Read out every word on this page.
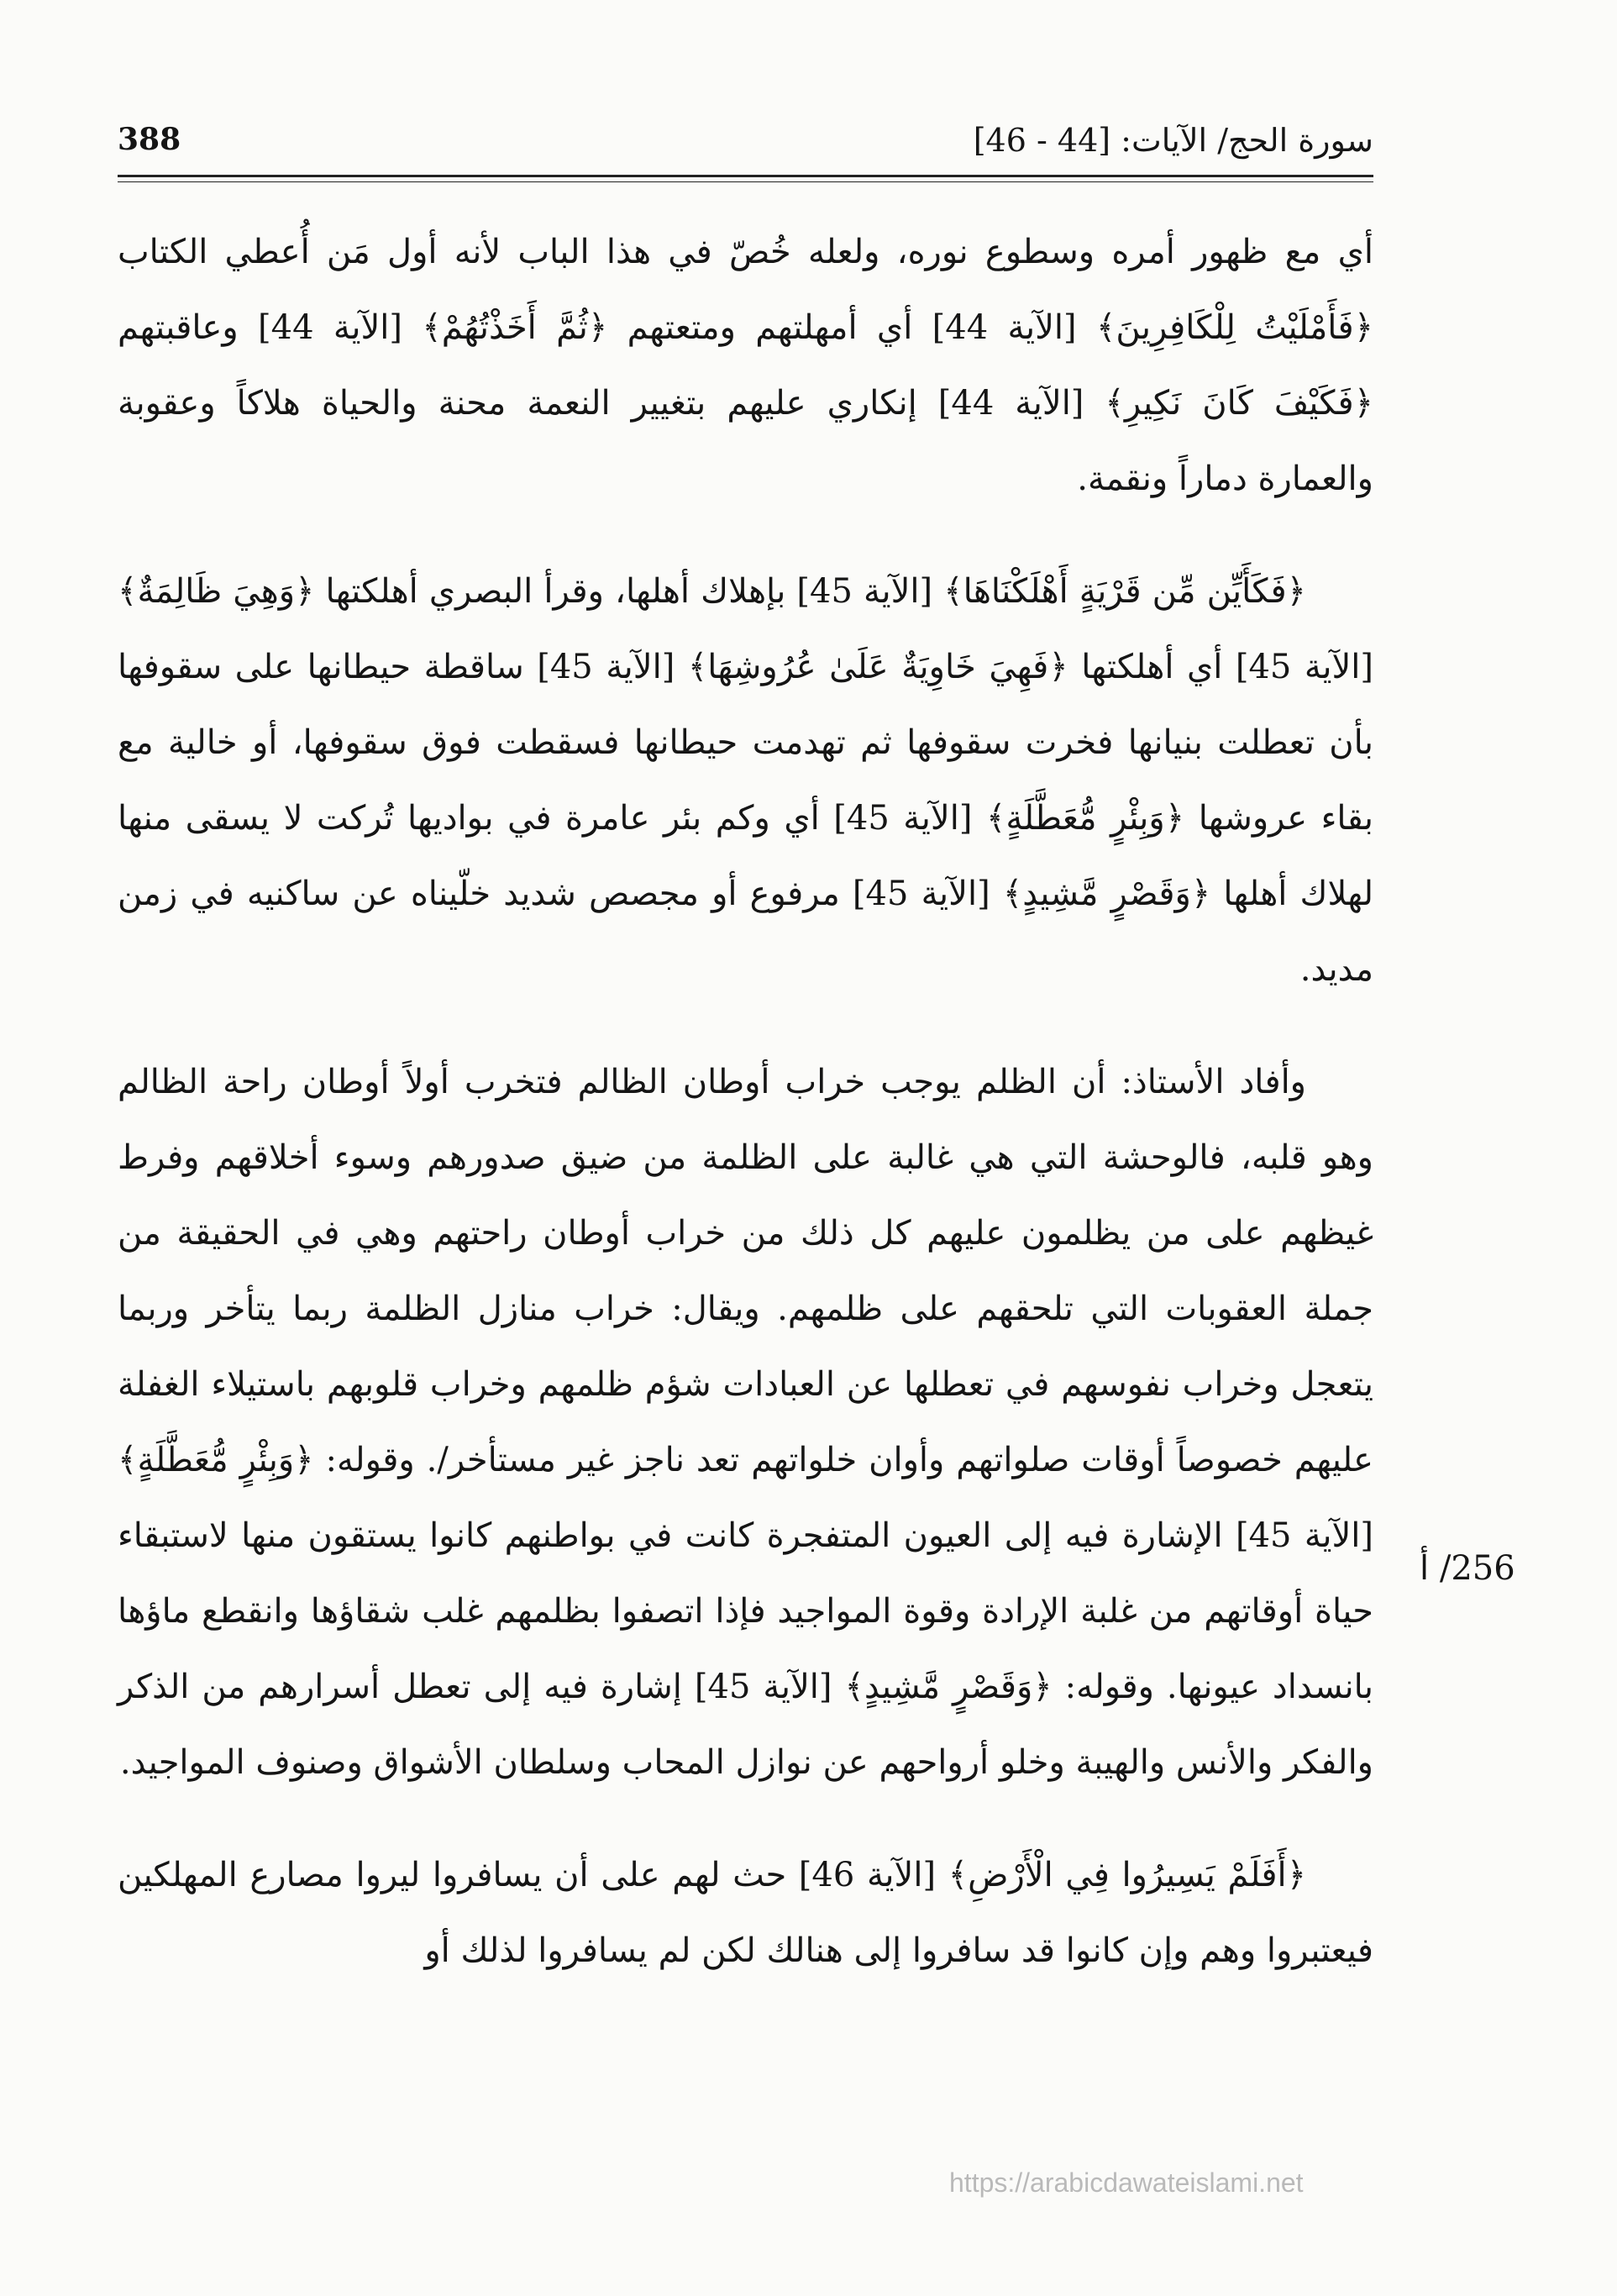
سورة الحج/ الآيات: [44 - 46]
388

أي مع ظهور أمره وسطوع نوره، ولعله خُصّ في هذا الباب لأنه أول مَن أُعطي الكتاب ﴿فَأَمْلَيْتُ لِلْكَافِرِينَ﴾ [الآية 44] أي أمهلتهم ومتعتهم ﴿ثُمَّ أَخَذْتُهُمْ﴾ [الآية 44] وعاقبتهم ﴿فَكَيْفَ كَانَ نَكِيرِ﴾ [الآية 44] إنكاري عليهم بتغيير النعمة محنة والحياة هلاكاً وعقوبة والعمارة دماراً ونقمة.

﴿فَكَأَيِّن مِّن قَرْيَةٍ أَهْلَكْنَاهَا﴾ [الآية 45] بإهلاك أهلها، وقرأ البصري أهلكتها ﴿وَهِيَ ظَالِمَةٌ﴾ [الآية 45] أي أهلكتها ﴿فَهِيَ خَاوِيَةٌ عَلَىٰ عُرُوشِهَا﴾ [الآية 45] ساقطة حيطانها على سقوفها بأن تعطلت بنيانها فخرت سقوفها ثم تهدمت حيطانها فسقطت فوق سقوفها، أو خالية مع بقاء عروشها ﴿وَبِئْرٍ مُّعَطَّلَةٍ﴾ [الآية 45] أي وكم بئر عامرة في بواديها تُركت لا يسقى منها لهلاك أهلها ﴿وَقَصْرٍ مَّشِيدٍ﴾ [الآية 45] مرفوع أو مجصص شديد خلّيناه عن ساكنيه في زمن مديد.

وأفاد الأستاذ: أن الظلم يوجب خراب أوطان الظالم فتخرب أولاً أوطان راحة الظالم وهو قلبه، فالوحشة التي هي غالبة على الظلمة من ضيق صدورهم وسوء أخلاقهم وفرط غيظهم على من يظلمون عليهم كل ذلك من خراب أوطان راحتهم وهي في الحقيقة من جملة العقوبات التي تلحقهم على ظلمهم. ويقال: خراب منازل الظلمة ربما يتأخر وربما يتعجل وخراب نفوسهم في تعطلها عن العبادات شؤم ظلمهم وخراب قلوبهم باستيلاء الغفلة عليهم خصوصاً أوقات صلواتهم وأوان خلواتهم تعد ناجز غير مستأخر/. وقوله: ﴿وَبِئْرٍ مُّعَطَّلَةٍ﴾ [الآية 45] الإشارة فيه إلى العيون المتفجرة كانت في بواطنهم كانوا يستقون منها لاستبقاء حياة أوقاتهم من غلبة الإرادة وقوة المواجيد فإذا اتصفوا بظلمهم غلب شقاؤها وانقطع ماؤها بانسداد عيونها. وقوله: ﴿وَقَصْرٍ مَّشِيدٍ﴾ [الآية 45] إشارة فيه إلى تعطل أسرارهم من الذكر والفكر والأنس والهيبة وخلو أرواحهم عن نوازل المحاب وسلطان الأشواق وصنوف المواجيد.

﴿أَفَلَمْ يَسِيرُوا فِي الْأَرْضِ﴾ [الآية 46] حث لهم على أن يسافروا ليروا مصارع المهلكين فيعتبروا وهم وإن كانوا قد سافروا إلى هنالك لكن لم يسافروا لذلك أو

256/ أ
https://arabicdawateislami.net
